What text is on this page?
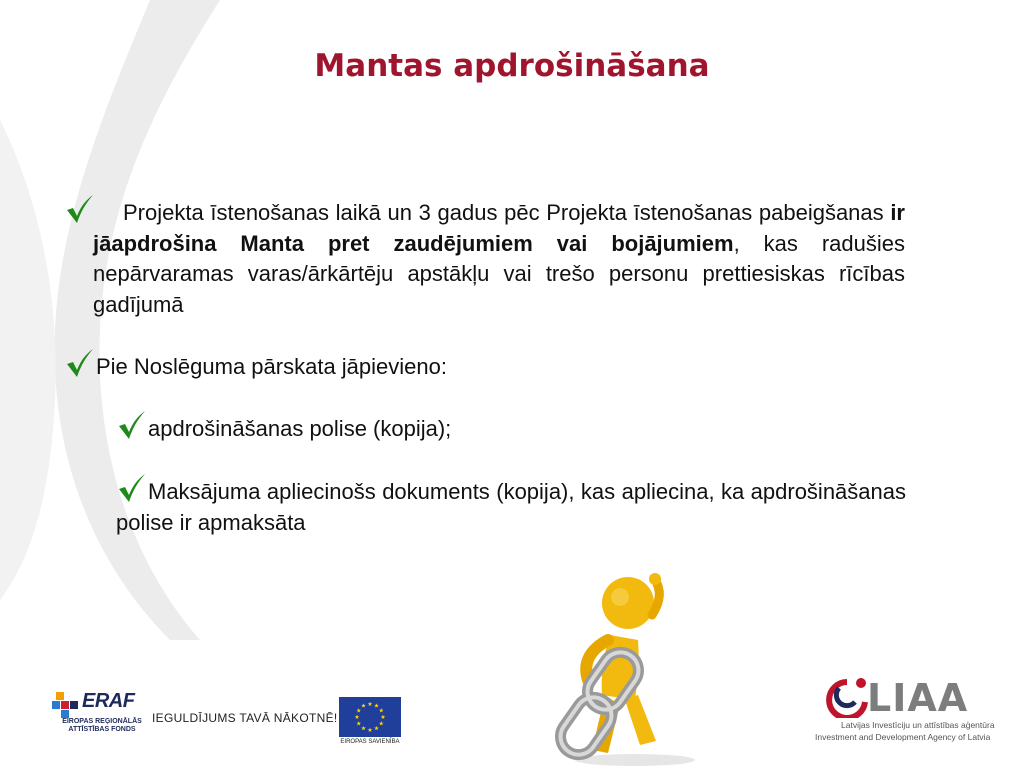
Mantas apdrošināšana
Projekta īstenošanas laikā un 3 gadus pēc Projekta īstenošanas pabeigšanas ir jāapdrošina Manta pret zaudējumiem vai bojājumiem, kas radušies nepārvaramas varas/ārkārtēju apstākļu vai trešo personu prettiesiskas rīcības gadījumā
Pie Noslēguma pārskata jāpievieno:
apdrošināšanas polise (kopija);
Maksājuma apliecinošs dokuments (kopija), kas apliecina, ka apdrošināšanas polise ir apmaksāta
ERAF
EIROPAS REĢIONĀLĀS
ATTĪSTĪBAS FONDS
IEGULDĪJUMS TAVĀ NĀKOTNĒ!
EIROPAS SAVIENĪBA
LIAA
Latvijas Investīciju un attīstības aģentūra
Investment and Development Agency of Latvia
